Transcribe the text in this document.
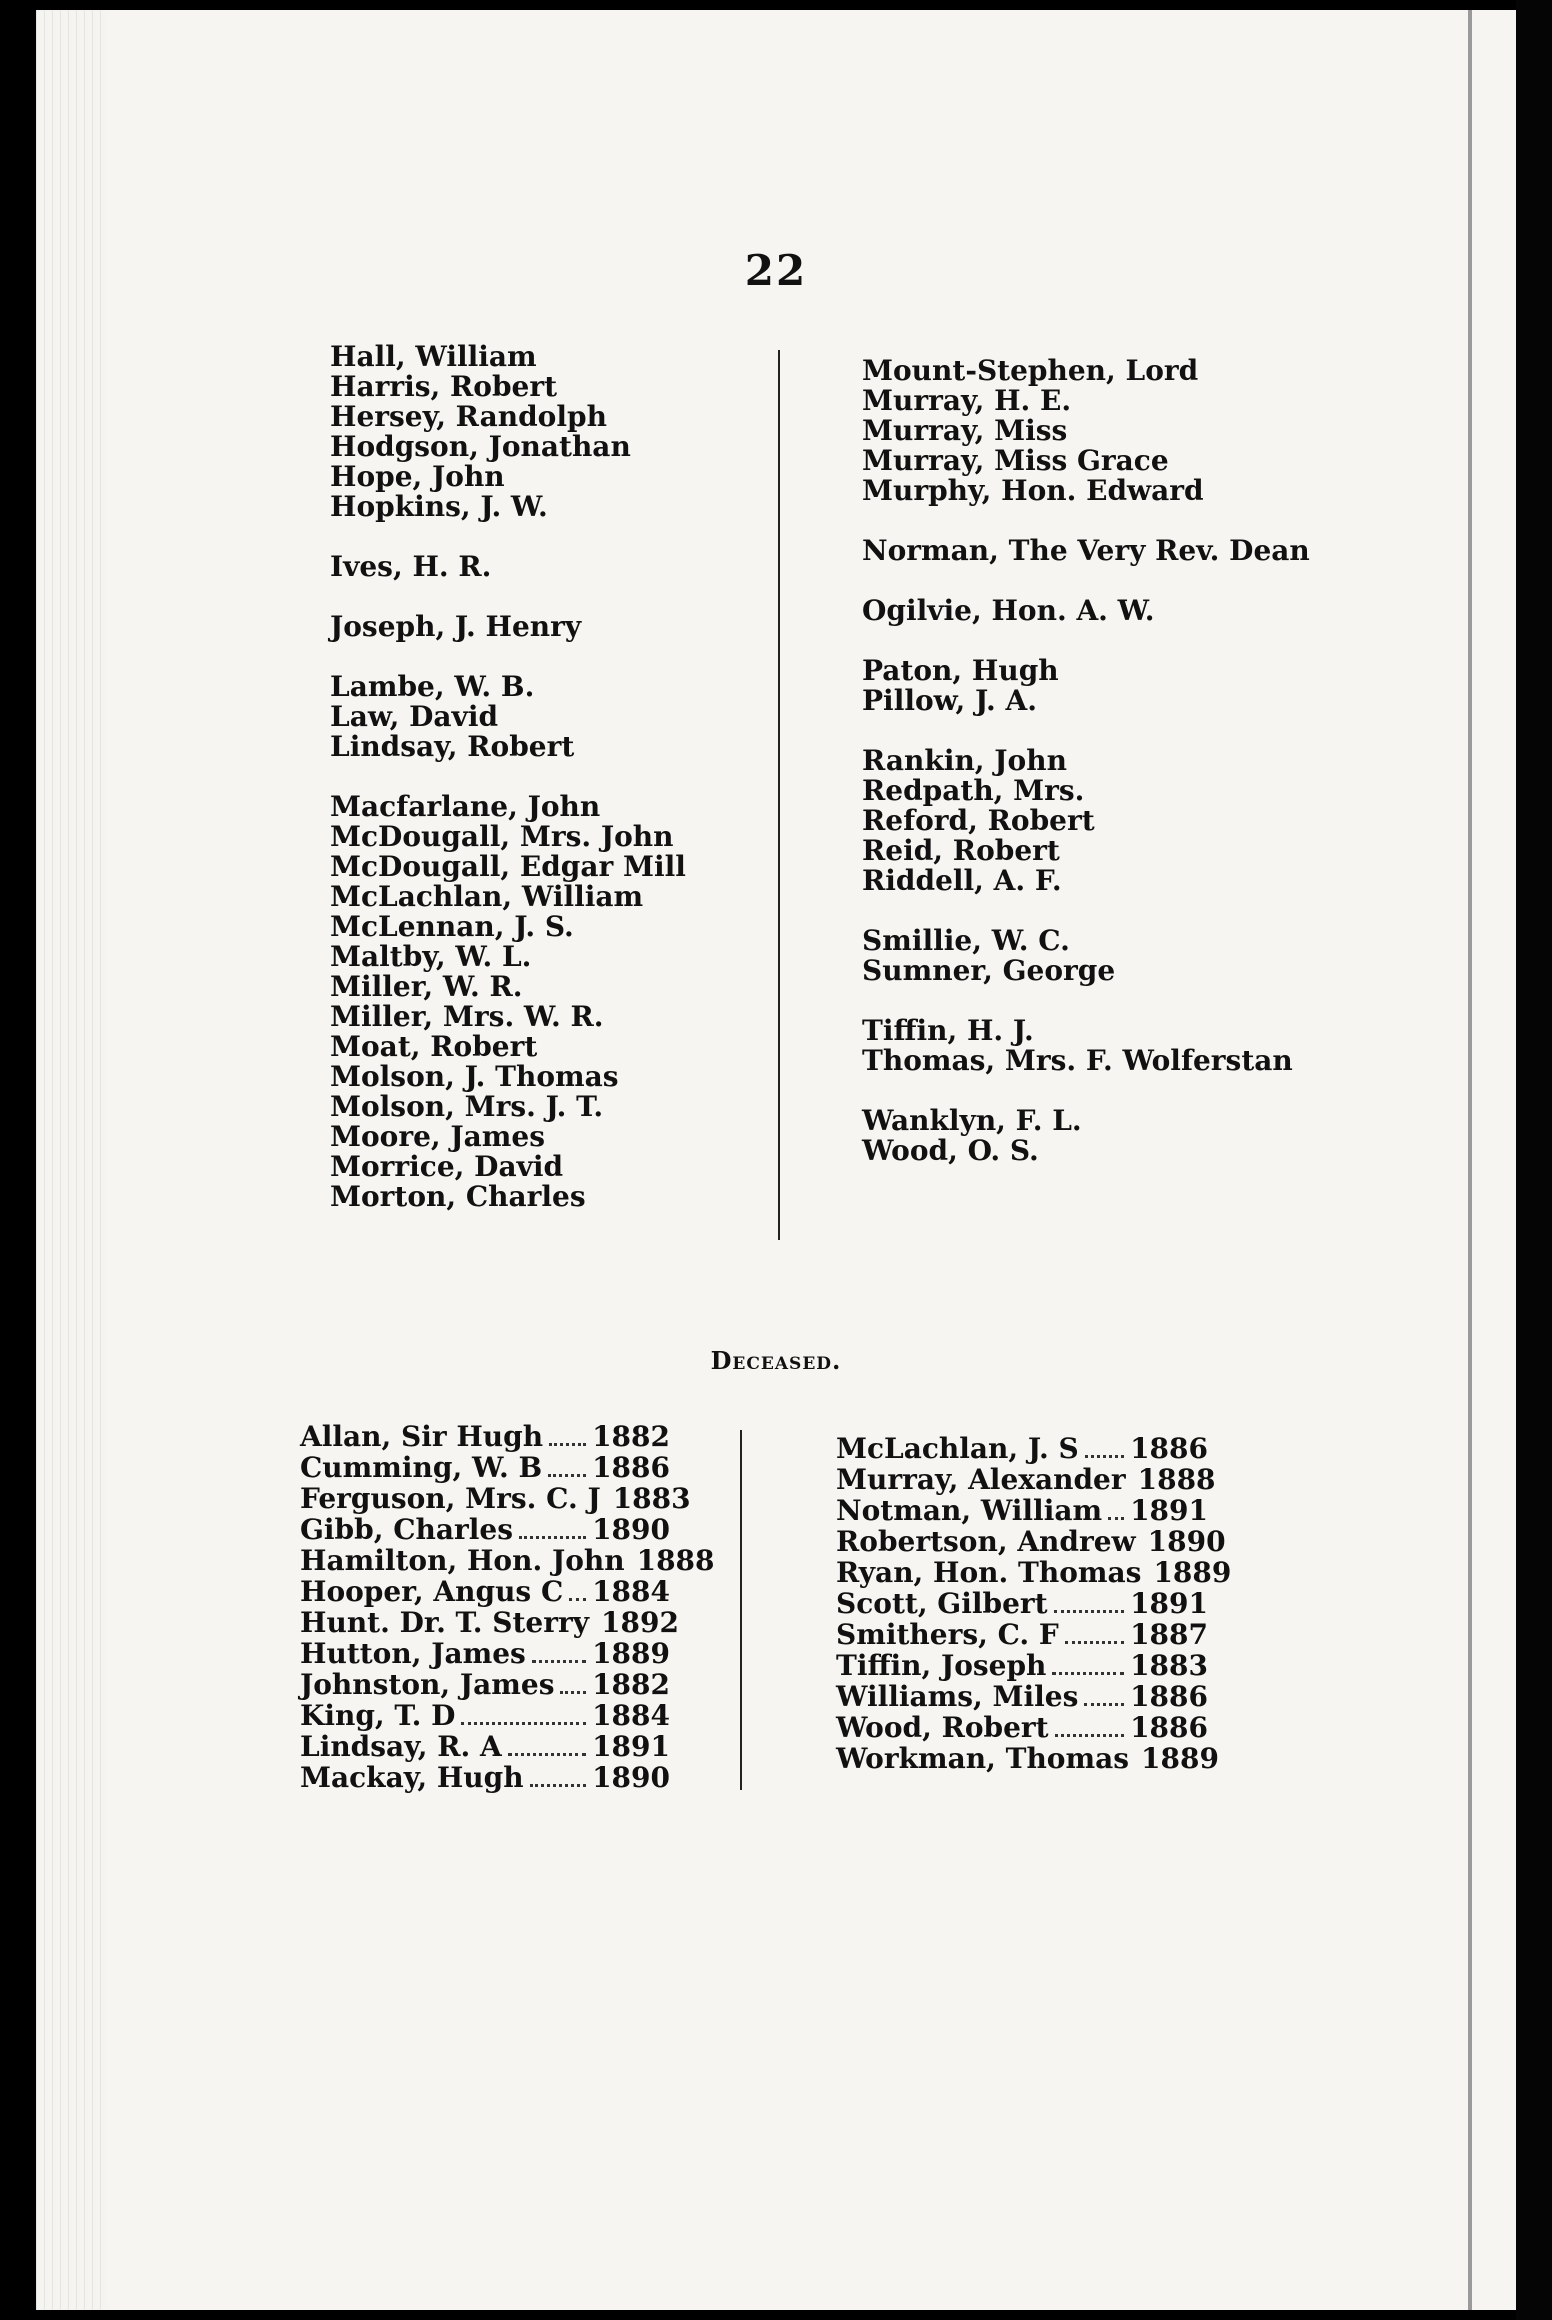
22
Hall, William
Harris, Robert
Hersey, Randolph
Hodgson, Jonathan
Hope, John
Hopkins, J. W.
Ives, H. R.
Joseph, J. Henry
Lambe, W. B.
Law, David
Lindsay, Robert
Macfarlane, John
McDougall, Mrs. John
McDougall, Edgar Mill
McLachlan, William
McLennan, J. S.
Maltby, W. L.
Miller, W. R.
Miller, Mrs. W. R.
Moat, Robert
Molson, J. Thomas
Molson, Mrs. J. T.
Moore, James
Morrice, David
Morton, Charles
Mount-Stephen, Lord
Murray, H. E.
Murray, Miss
Murray, Miss Grace
Murphy, Hon. Edward
Norman, The Very Rev. Dean
Ogilvie, Hon. A. W.
Paton, Hugh
Pillow, J. A.
Rankin, John
Redpath, Mrs.
Reford, Robert
Reid, Robert
Riddell, A. F.
Smillie, W. C.
Sumner, George
Tiffin, H. J.
Thomas, Mrs. F. Wolferstan
Wanklyn, F. L.
Wood, O. S.
Deceased.
Allan, Sir Hugh 1882
Cumming, W. B 1886
Ferguson, Mrs. C. J 1883
Gibb, Charles	1890
Hamilton, Hon. John 1888
Hooper, Angus C 1884
Hunt. Dr. T. Sterry 1892
Hutton, James 1889
Johnston, James 1882
King, T. D	1884
Lindsay, R. A	1891
Mackay, Hugh 1890
McLachlan, J. S 1886
Murray, Alexander 1888
Notman, William 1891
Robertson, Andrew 1890
Ryan, Hon. Thomas 1889
Scott, Gilbert	1891
Smithers, C. F	1887
Tiffin, Joseph	1883
Williams, Miles 1886
Wood, Robert	1886
Workman, Thomas 1889
